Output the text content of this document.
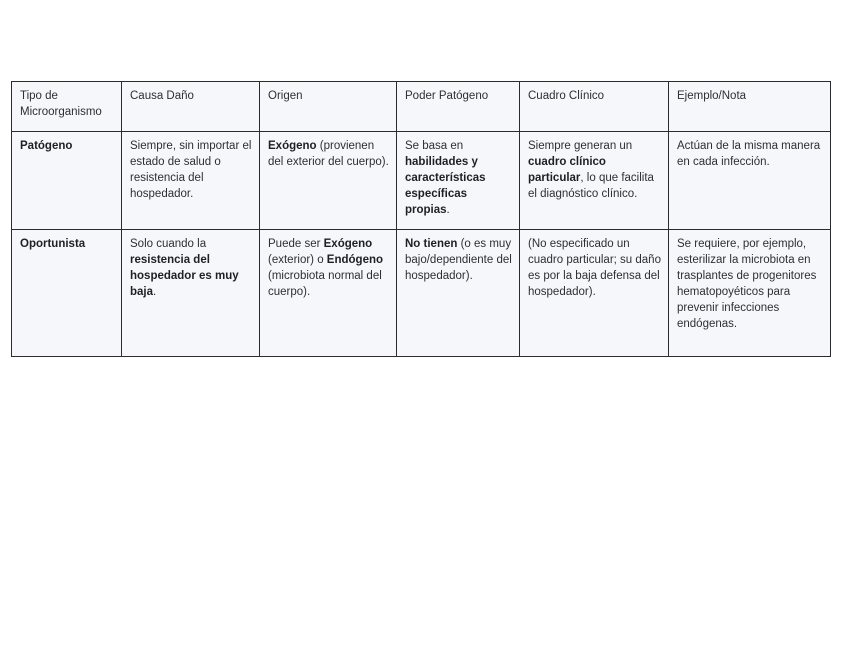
Tipo de Microorganismo	Causa Daño	Origen	Poder Patógeno	Cuadro Clínico	Ejemplo/Nota
Patógeno	Siempre, sin importar el estado de salud o resistencia del hospedador.	Exógeno (provienen del exterior del cuerpo).	Se basa en habilidades y características específicas propias.	Siempre generan un cuadro clínico particular, lo que facilita el diagnóstico clínico.	Actúan de la misma manera en cada infección.
Oportunista	Solo cuando la resistencia del hospedador es muy baja.	Puede ser Exógeno (exterior) o Endógeno (microbiota normal del cuerpo).	No tienen (o es muy bajo/dependiente del hospedador).	(No especificado un cuadro particular; su daño es por la baja defensa del hospedador).	Se requiere, por ejemplo, esterilizar la microbiota en trasplantes de progenitores hematopoyéticos para prevenir infecciones endógenas.
